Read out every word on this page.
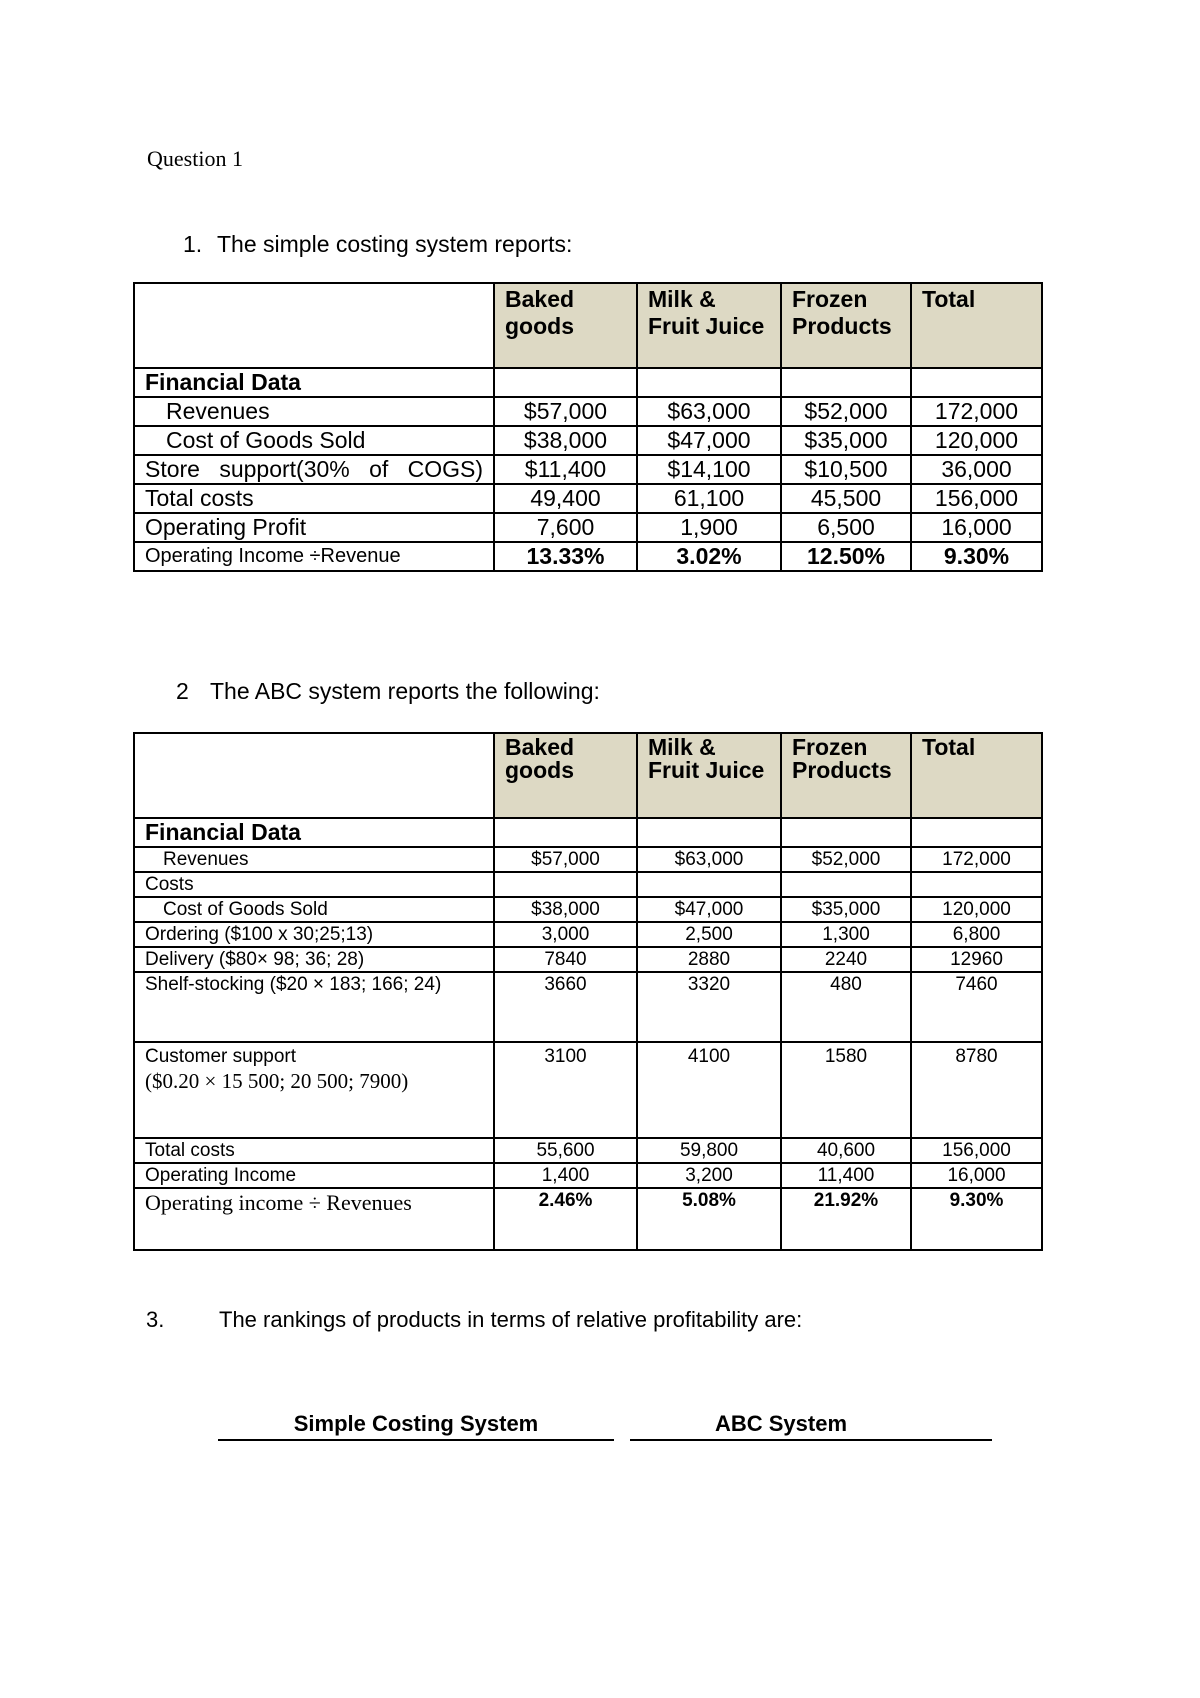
Question 1
1. The simple costing system reports:
	Baked goods	Milk & Fruit Juice	Frozen Products	Total
Financial Data				
Revenues	$57,000	$63,000	$52,000	172,000
Cost of Goods Sold	$38,000	$47,000	$35,000	120,000
Store support(30% of COGS)	$11,400	$14,100	$10,500	36,000
Total costs	49,400	61,100	45,500	156,000
Operating Profit	7,600	1,900	6,500	16,000
Operating Income ÷Revenue	13.33%	3.02%	12.50%	9.30%
2 The ABC system reports the following:
	Baked goods	Milk & Fruit Juice	Frozen Products	Total
Financial Data				
Revenues	$57,000	$63,000	$52,000	172,000
Costs				
Cost of Goods Sold	$38,000	$47,000	$35,000	120,000
Ordering ($100 x 30;25;13)	3,000	2,500	1,300	6,800
Delivery ($80× 98; 36; 28)	7840	2880	2240	12960
Shelf-stocking ($20 × 183; 166; 24)	3660	3320	480	7460

Customer support
($0.20 × 15 500; 20 500; 7900)	3100	4100	1580	8780
Total costs	55,600	59,800	40,600	156,000
Operating Income	1,400	3,200	11,400	16,000
Operating income ÷ Revenues	2.46%	5.08%	21.92%	9.30%
3. The rankings of products in terms of relative profitability are:
Simple Costing System	ABC System
